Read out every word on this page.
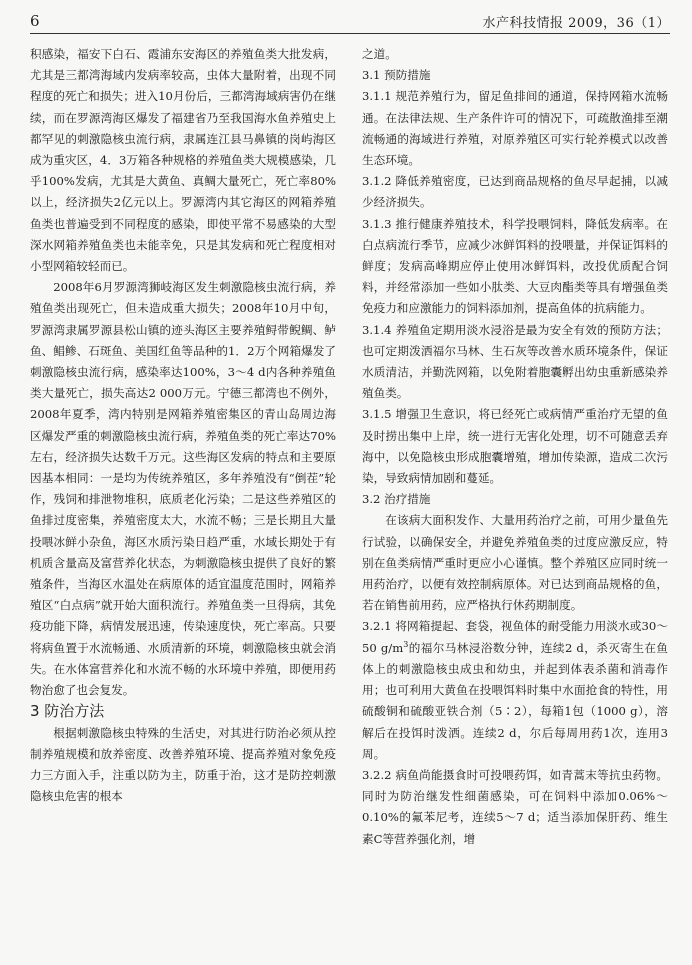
6	水产科技情报 2009，36（1）

积感染，福安下白石、霞浦东安海区的养殖鱼类大批发病，尤其是三都湾海域内发病率较高，虫体大量附着，出现不同程度的死亡和损失；进入10月份后，三都湾海域病害仍在继续，而在罗源湾海区爆发了福建省乃至我国海水鱼养殖史上都罕见的刺激隐核虫流行病，隶属连江县马鼻镇的岗屿海区成为重灾区，4．3万箱各种规格的养殖鱼类大规模感染，几乎100%发病，尤其是大黄鱼、真鲷大量死亡，死亡率80%以上，经济损失2亿元以上。罗源湾内其它海区的网箱养殖鱼类也普遍受到不同程度的感染，即使平常不易感染的大型深水网箱养殖鱼类也未能幸免，只是其发病和死亡程度相对小型网箱较轻而已。

2008年6月罗源湾狮岐海区发生刺激隐核虫流行病，养殖鱼类出现死亡，但未造成重大损失；2008年10月中旬，罗源湾隶属罗源县松山镇的迹头海区主要养殖鲟带鲵鲷、鲈鱼、鲳鲹、石斑鱼、美国红鱼等品种的1．2万个网箱爆发了刺激隐核虫流行病，感染率达100%，3～4 d内各种养殖鱼类大量死亡，损失高达2 000万元。宁德三都湾也不例外，2008年夏季，湾内特别是网箱养殖密集区的青山岛周边海区爆发严重的刺激隐核虫流行病，养殖鱼类的死亡率达70%左右，经济损失达数千万元。这些海区发病的特点和主要原因基本相同：一是均为传统养殖区，多年养殖没有“倒茬”轮作，残饲和排泄物堆积，底质老化污染；二是这些养殖区的鱼排过度密集，养殖密度太大，水流不畅；三是长期且大量投喂冰鲜小杂鱼，海区水质污染日趋严重，水域长期处于有机质含量高及富营养化状态，为刺激隐核虫提供了良好的繁殖条件，当海区水温处在病原体的适宜温度范围时，网箱养殖区“白点病”就开始大面积流行。养殖鱼类一旦得病，其免疫功能下降，病情发展迅速，传染速度快，死亡率高。只要将病鱼置于水流畅通、水质清新的环境，刺激隐核虫就会消失。在水体富营养化和水流不畅的水环境中养殖，即便用药物治愈了也会复发。

3 防治方法

根据刺激隐核虫特殊的生活史，对其进行防治必须从控制养殖规模和放养密度、改善养殖环境、提高养殖对象免疫力三方面入手，注重以防为主，防重于治，这才是防控刺激隐核虫危害的根本

之道。

3.1 预防措施

3.1.1 规范养殖行为，留足鱼排间的通道，保持网箱水流畅通。在法律法规、生产条件许可的情况下，可疏散渔排至潮流畅通的海域进行养殖，对原养殖区可实行轮养模式以改善生态环境。

3.1.2 降低养殖密度，已达到商品规格的鱼尽早起捕，以减少经济损失。

3.1.3 推行健康养殖技术，科学投喂饲料，降低发病率。在白点病流行季节，应减少冰鲜饵料的投喂量，并保证饵料的鲜度；发病高峰期应停止使用冰鲜饵料，改投优质配合饲料，并经常添加一些如小肽类、大豆肉酯类等具有增强鱼类免疫力和应激能力的饲料添加剂，提高鱼体的抗病能力。

3.1.4 养殖鱼定期用淡水浸浴是最为安全有效的预防方法；也可定期泼洒福尔马林、生石灰等改善水质环境条件，保证水质清洁，并勤洗网箱，以免附着胞囊孵出幼虫重新感染养殖鱼类。

3.1.5 增强卫生意识，将已经死亡或病情严重治疗无望的鱼及时捞出集中上岸，统一进行无害化处理，切不可随意丢弃海中，以免隐核虫形成胞囊增殖，增加传染源，造成二次污染，导致病情加剧和蔓延。

3.2 治疗措施

在该病大面积发作、大量用药治疗之前，可用少量鱼先行试验，以确保安全，并避免养殖鱼类的过度应激反应，特别在鱼类病情严重时更应小心谨慎。整个养殖区应同时统一用药治疗，以便有效控制病原体。对已达到商品规格的鱼，若在销售前用药，应严格执行休药期制度。

3.2.1 将网箱提起、套袋，视鱼体的耐受能力用淡水或30～50 $g/m^3$的福尔马林浸浴数分钟，连续2 d，杀灭寄生在鱼体上的刺激隐核虫成虫和幼虫，并起到体表杀菌和消毒作用；也可利用大黄鱼在投喂饵料时集中水面抢食的特性，用硫酸铜和硫酸亚铁合剂（5∶2），每箱1包（1000 g），溶解后在投饵时泼洒。连续2 d，尔后每周用药1次，连用3周。

3.2.2 病鱼尚能摄食时可投喂药饵，如青蒿末等抗虫药物。同时为防治继发性细菌感染，可在饲料中添加0.06%～0.10%的氟苯尼考，连续5～7 d；适当添加保肝药、维生素C等营养强化剂，增
